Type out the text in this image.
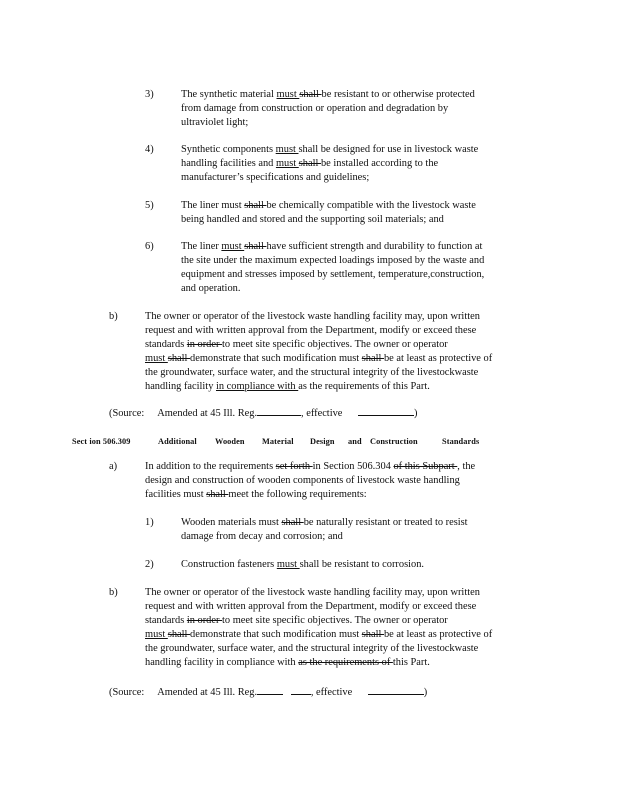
3)	The synthetic material must shall be resistant to or otherwise protected
from damage from construction or operation and degradation by
ultraviolet light;
4)	Synthetic components must shall be designed for use in livestock waste
handling facilities and must shall be installed according to the
manufacturer’s specifications and guidelines;
5)	The liner must shall be chemically compatible with the livestock waste
being handled and stored and the supporting soil materials; and
6)	The liner must shall have sufficient strength and durability to function at
the site under the maximum expected loadings imposed by the waste and
equipment and stresses imposed by settlement, temperature,construction,
and operation.
b)	The owner or operator of the livestock waste handling facility may, upon written
request and with written approval from the Department, modify or exceed these
standards in order to meet site specific objectives. The owner or operator
must shall demonstrate that such modification must shall be at least as protective of
the groundwater, surface water, and the structural integrity of the livestockwaste
handling facility in compliance with as the requirements of this Part.
(Source: Amended at 45 Ill. Reg.	, effective	)
Sect ion 506.309	Additional Wooden Material Design and Construction	Standards
a)	In addition to the requirements set forth in Section 506.304 of this Subpart , the
design and construction of wooden components of livestock waste handling
facilities must shall meet the following requirements:
1)	Wooden materials must shall be naturally resistant or treated to resist
damage from decay and corrosion; and
2)	Construction fasteners must shall be resistant to corrosion.
b)	The owner or operator of the livestock waste handling facility may, upon written
request and with written approval from the Department, modify or exceed these
standards in order to meet site specific objectives. The owner or operator
must shall demonstrate that such modification must shall be at least as protective of
the groundwater, surface water, and the structural integrity of the livestockwaste
handling facility in compliance with as the requirements of this Part.
(Source: Amended at 45 Ill. Reg.	, effective	)
